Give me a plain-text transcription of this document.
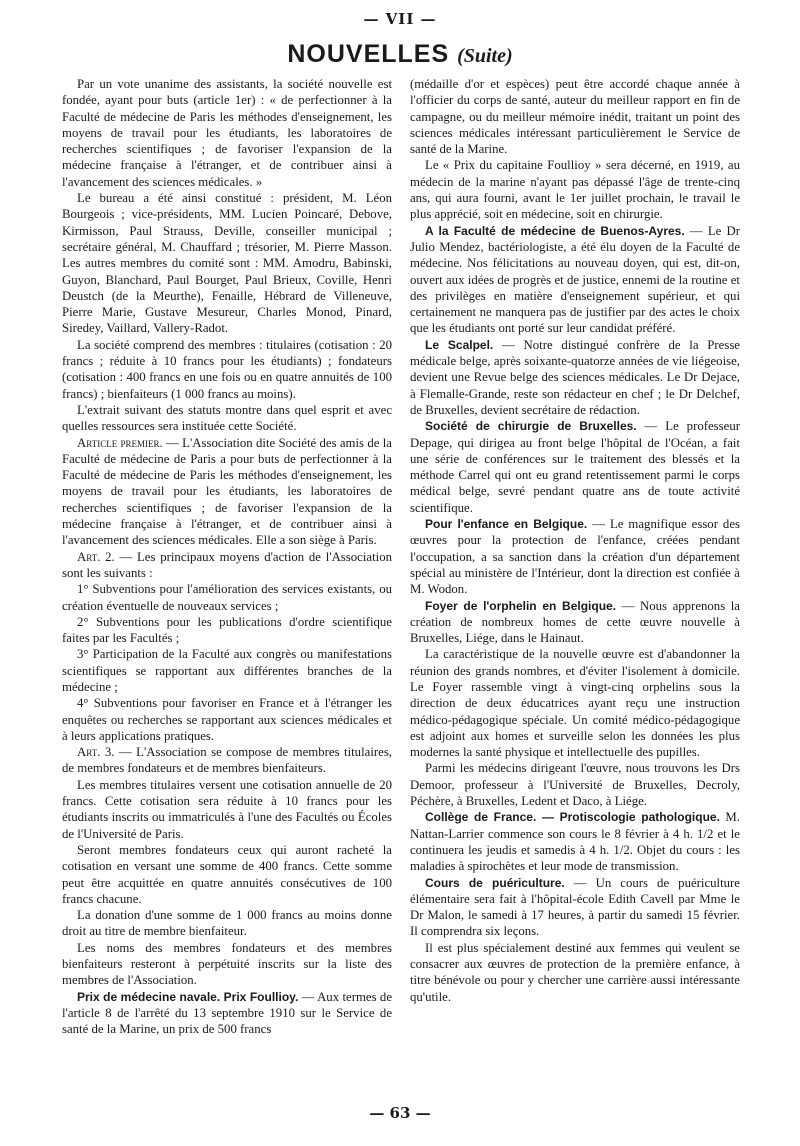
— VII —
NOUVELLES (Suite)

Par un vote unanime des assistants, la société nouvelle est fondée, ayant pour buts (article 1er) : « de perfectionner à la Faculté de médecine de Paris les méthodes d'enseignement, les moyens de travail pour les étudiants, les laboratoires de recherches scientifiques ; de favoriser l'expansion de la médecine française à l'étranger, et de contribuer ainsi à l'avancement des sciences médicales. »

Le bureau a été ainsi constitué : président, M. Léon Bourgeois ; vice-présidents, MM. Lucien Poincaré, Debove, Kirmisson, Paul Strauss, Deville, conseiller municipal ; secrétaire général, M. Chauffard ; trésorier, M. Pierre Masson. Les autres membres du comité sont : MM. Amodru, Babinski, Guyon, Blanchard, Paul Bourget, Paul Brieux, Coville, Henri Deustch (de la Meurthe), Fenaille, Hébrard de Villeneuve, Pierre Marie, Gustave Mesureur, Charles Monod, Pinard, Siredey, Vaillard, Vallery-Radot.

La société comprend des membres : titulaires (cotisation : 20 francs ; réduite à 10 francs pour les étudiants) ; fondateurs (cotisation : 400 francs en une fois ou en quatre annuités de 100 francs) ; bienfaiteurs (1 000 francs au moins).

L'extrait suivant des statuts montre dans quel esprit et avec quelles ressources sera instituée cette Société.

Article premier. — L'Association dite Société des amis de la Faculté de médecine de Paris a pour buts de perfectionner à la Faculté de médecine de Paris les méthodes d'enseignement, les moyens de travail pour les étudiants, les laboratoires de recherches scientifiques ; de favoriser l'expansion de la médecine française à l'étranger, et de contribuer ainsi à l'avancement des sciences médicales. Elle a son siège à Paris.

Art. 2. — Les principaux moyens d'action de l'Association sont les suivants :

1° Subventions pour l'amélioration des services existants, ou création éventuelle de nouveaux services ;

2° Subventions pour les publications d'ordre scientifique faites par les Facultés ;

3° Participation de la Faculté aux congrès ou manifestations scientifiques se rapportant aux différentes branches de la médecine ;

4° Subventions pour favoriser en France et à l'étranger les enquêtes ou recherches se rapportant aux sciences médicales et à leurs applications pratiques.

Art. 3. — L'Association se compose de membres titulaires, de membres fondateurs et de membres bienfaiteurs.

Les membres titulaires versent une cotisation annuelle de 20 francs. Cette cotisation sera réduite à 10 francs pour les étudiants inscrits ou immatriculés à l'une des Facultés ou Écoles de l'Université de Paris.

Seront membres fondateurs ceux qui auront racheté la cotisation en versant une somme de 400 francs. Cette somme peut être acquittée en quatre annuités consécutives de 100 francs chacune.

La donation d'une somme de 1 000 francs au moins donne droit au titre de membre bienfaiteur.

Les noms des membres fondateurs et des membres bienfaiteurs resteront à perpétuité inscrits sur la liste des membres de l'Association.

Prix de médecine navale. Prix Foullioy. — Aux termes de l'article 8 de l'arrêté du 13 septembre 1910 sur le Service de santé de la Marine, un prix de 500 francs

(médaille d'or et espèces) peut être accordé chaque année à l'officier du corps de santé, auteur du meilleur rapport en fin de campagne, ou du meilleur mémoire inédit, traitant un point des sciences médicales intéressant particulièrement le Service de santé de la Marine.

Le « Prix du capitaine Foullioy » sera décerné, en 1919, au médecin de la marine n'ayant pas dépassé l'âge de trente-cinq ans, qui aura fourni, avant le 1er juillet prochain, le travail le plus apprécié, soit en médecine, soit en chirurgie.

A la Faculté de médecine de Buenos-Ayres. — Le Dr Julio Mendez, bactériologiste, a été élu doyen de la Faculté de médecine. Nos félicitations au nouveau doyen, qui est, dit-on, ouvert aux idées de progrès et de justice, ennemi de la routine et des privilèges en matière d'enseignement supérieur, et qui certainement ne manquera pas de justifier par des actes le choix que les étudiants ont porté sur leur candidat préféré.

Le Scalpel. — Notre distingué confrère de la Presse médicale belge, après soixante-quatorze années de vie liégeoise, devient une Revue belge des sciences médicales. Le Dr Dejace, à Flemalle-Grande, reste son rédacteur en chef ; le Dr Delchef, de Bruxelles, devient secrétaire de rédaction.

Société de chirurgie de Bruxelles. — Le professeur Depage, qui dirigea au front belge l'hôpital de l'Océan, a fait une série de conférences sur le traitement des blessés et la méthode Carrel qui ont eu grand retentissement parmi le corps médical belge, sevré pendant quatre ans de toute activité scientifique.

Pour l'enfance en Belgique. — Le magnifique essor des œuvres pour la protection de l'enfance, créées pendant l'occupation, a sa sanction dans la création d'un département spécial au ministère de l'Intérieur, dont la direction est confiée à M. Wodon.

Foyer de l'orphelin en Belgique. — Nous apprenons la création de nombreux homes de cette œuvre nouvelle à Bruxelles, Liége, dans le Hainaut.

La caractéristique de la nouvelle œuvre est d'abandonner la réunion des grands nombres, et d'éviter l'isolement à domicile. Le Foyer rassemble vingt à vingt-cinq orphelins sous la direction de deux éducatrices ayant reçu une instruction médico-pédagogique spéciale. Un comité médico-pédagogique est adjoint aux homes et surveille selon les données les plus modernes la santé physique et intellectuelle des pupilles.

Parmi les médecins dirigeant l'œuvre, nous trouvons les Drs Demoor, professeur à l'Université de Bruxelles, Decroly, Péchère, à Bruxelles, Ledent et Daco, à Liége.

Collège de France. — Protiscologie pathologique. M. Nattan-Larrier commence son cours le 8 février à 4 h. 1/2 et le continuera les jeudis et samedis à 4 h. 1/2. Objet du cours : les maladies à spirochètes et leur mode de transmission.

Cours de puériculture. — Un cours de puériculture élémentaire sera fait à l'hôpital-école Edith Cavell par Mme le Dr Malon, le samedi à 17 heures, à partir du samedi 15 février. Il comprendra six leçons.

Il est plus spécialement destiné aux femmes qui veulent se consacrer aux œuvres de protection de la première enfance, à titre bénévole ou pour y chercher une carrière aussi intéressante qu'utile.

— 63 —
